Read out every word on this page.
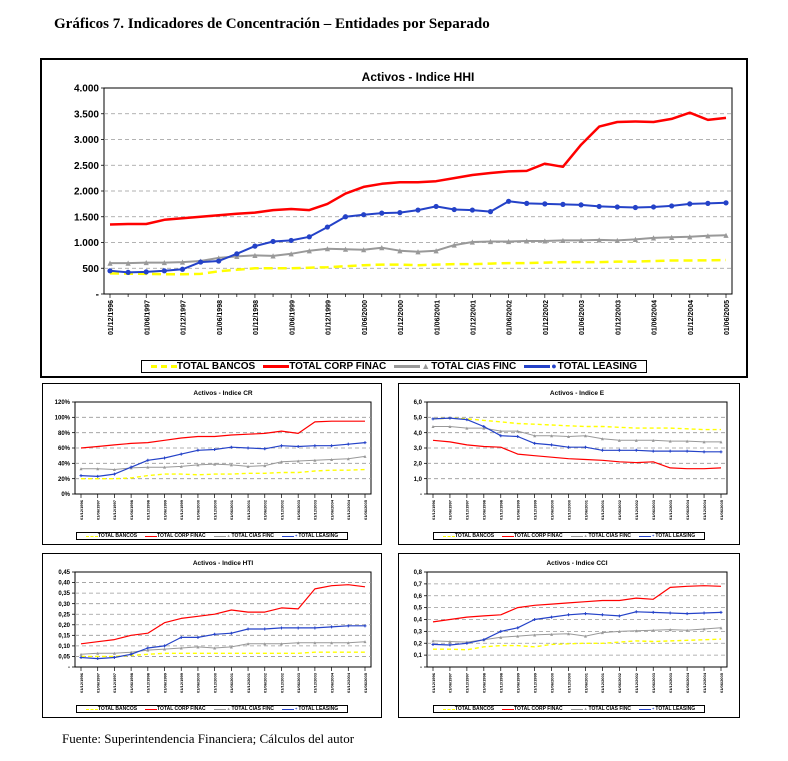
Gráficos 7. Indicadores de Concentración – Entidades por Separado
Activos - Indice HHI
4.000
3.500
3.000
2.500
2.000
1.500
1.000
500
-
01/12/1996	01/06/1997	01/12/1997	01/06/1998	01/12/1998	01/06/1999	01/12/1999	01/06/2000	01/12/2000	01/06/2001	01/12/2001	01/06/2002	01/12/2002	01/06/2003	01/12/2003	01/06/2004	01/12/2004	01/06/2005
TOTAL BANCOS	TOTAL CORP FINAC	▲ TOTAL CIAS FINC	● TOTAL LEASING
Activos - Indice CR
120%
100%
80%
60%
40%
20%
0%
01/12/1996	01/06/1997	01/12/1997	01/06/1998	01/12/1998	01/06/1999	01/12/1999	01/06/2000	01/12/2000	01/06/2001	01/12/2001	01/06/2002	01/12/2002	01/06/2003	01/12/2003	01/06/2004	01/12/2004	01/06/2005
TOTAL BANCOS	TOTAL CORP FINAC	▲ TOTAL CIAS FINC	+ TOTAL LEASING
Activos - Indice E
6,0
5,0
4,0
3,0
2,0
1,0
-
01/12/1996	01/06/1997	01/12/1997	01/06/1998	01/12/1998	01/06/1999	01/12/1999	01/06/2000	01/12/2000	01/06/2001	01/12/2001	01/06/2002	01/12/2002	01/06/2003	01/12/2003	01/06/2004	01/12/2004	01/06/2005
TOTAL BANCOS	TOTAL CORP FINAC	▲ TOTAL CIAS FINC	+ TOTAL LEASING
Activos - Indice HTI
0,45
0,40
0,35
0,30
0,25
0,20
0,15
0,10
0,05
-
01/12/1996	01/06/1997	01/12/1997	01/06/1998	01/12/1998	01/06/1999	01/12/1999	01/06/2000	01/12/2000	01/06/2001	01/12/2001	01/06/2002	01/12/2002	01/06/2003	01/12/2003	01/06/2004	01/12/2004	01/06/2005
TOTAL BANCOS	TOTAL CORP FINAC	▲ TOTAL CIAS FINC	+ TOTAL LEASING
Activos - Indice CCI
0,8
0,7
0,6
0,5
0,4
0,3
0,2
0,1
-
01/12/1996	01/06/1997	01/12/1997	01/06/1998	01/12/1998	01/06/1999	01/12/1999	01/06/2000	01/12/2000	01/06/2001	01/12/2001	01/06/2002	01/12/2002	01/06/2003	01/12/2003	01/06/2004	01/12/2004	01/06/2005
TOTAL BANCOS	TOTAL CORP FINAC	▲ TOTAL CIAS FINC	+ TOTAL LEASING
Fuente: Superintendencia Financiera; Cálculos del autor
